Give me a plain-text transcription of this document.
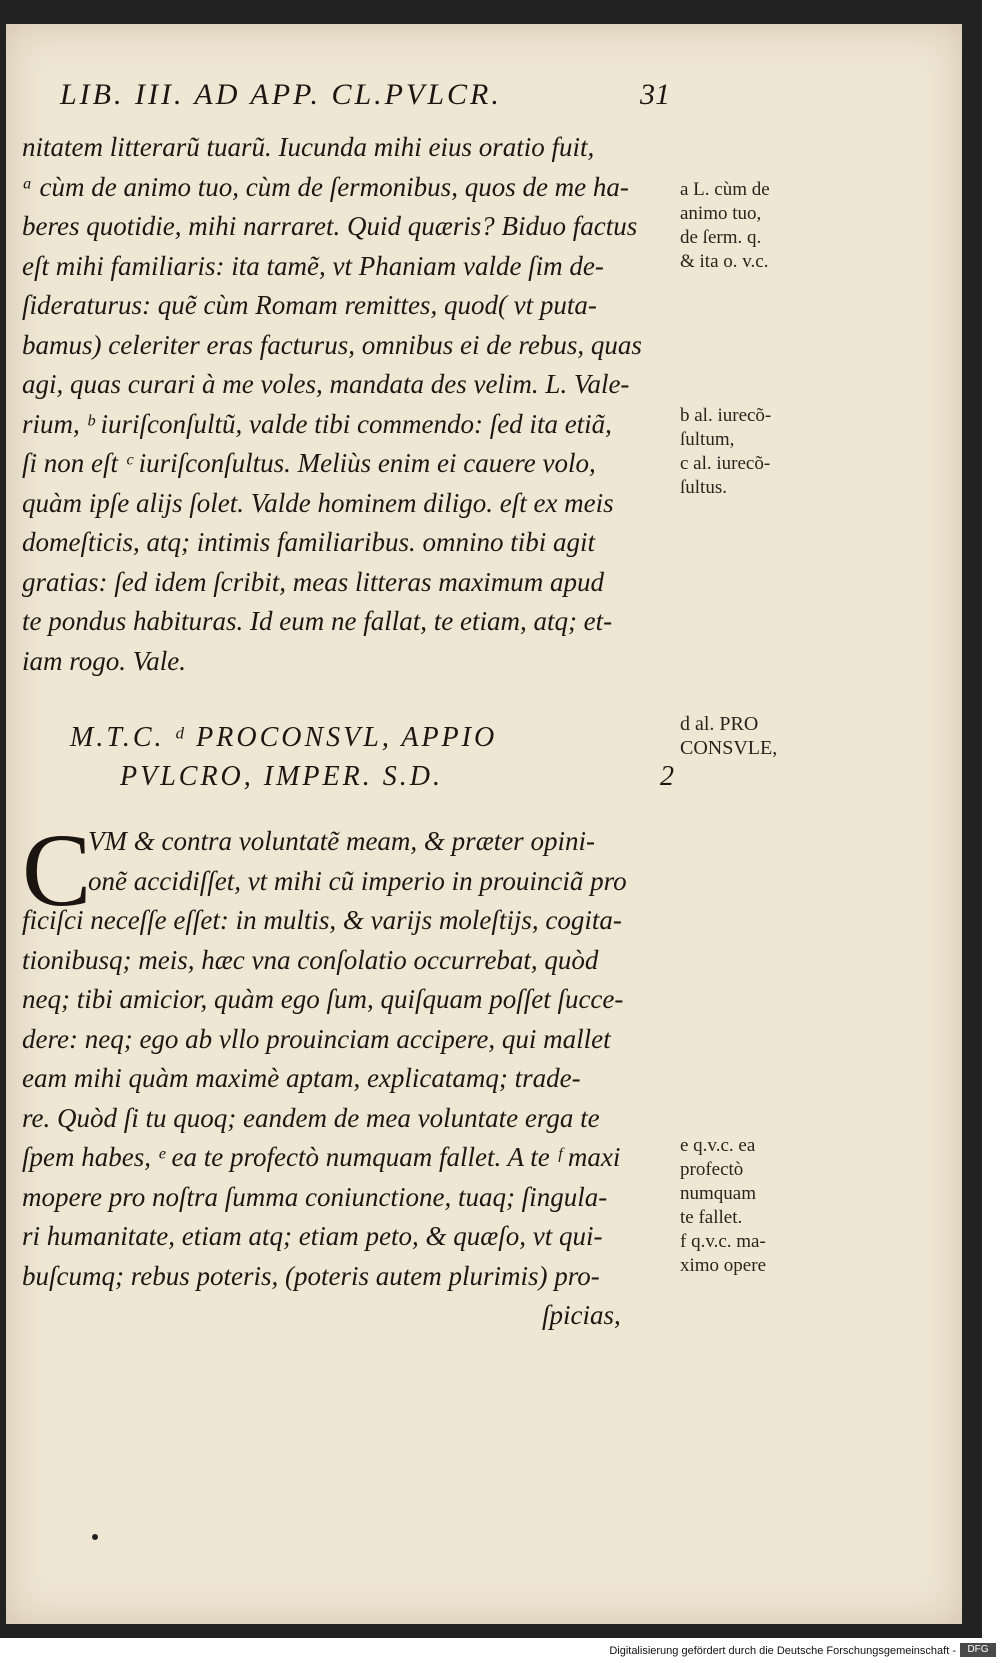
LIB. III. AD APP. CL.PVLCR.	31
nitatem litterarũ tuarũ. Iucunda mihi eius oratio fuit,
ᵃ cùm de animo tuo, cùm de ſermonibus, quos de me ha-
beres quotidie, mihi narraret. Quid quæris? Biduo factus
eſt mihi familiaris: ita tamẽ, vt Phaniam valde ſim de-
ſideraturus: quẽ cùm Romam remittes, quod( vt puta-
bamus) celeriter eras facturus, omnibus ei de rebus, quas
agi, quas curari à me voles, mandata des velim. L. Vale-
rium, ᵇ iuriſconſultũ, valde tibi commendo: ſed ita etiã,
ſi non eſt ᶜ iuriſconſultus. Meliùs enim ei cauere volo,
quàm ipſe alijs ſolet. Valde hominem diligo. eſt ex meis
domeſticis, atq; intimis familiaribus. omnino tibi agit
gratias: ſed idem ſcribit, meas litteras maximum apud
te pondus habituras. Id eum ne fallat, te etiam, atq; et-
iam rogo. Vale.
a L. cùm de
animo tuo,
de ſerm. q.
& ita o. v.c.
b al. iurecõ-
ſultum,
c al. iurecõ-
ſultus.
M.T.C. ᵈ PROCONSVL, APPIO
PVLCRO, IMPER. S.D.	2
d al. PRO
CONSVLE,
C
VM & contra voluntatẽ meam, & præter opini-
onẽ accidiſſet, vt mihi cũ imperio in prouinciã pro
ficiſci neceſſe eſſet: in multis, & varijs moleſtijs, cogita-
tionibusq; meis, hæc vna conſolatio occurrebat, quòd
neq; tibi amicior, quàm ego ſum, quiſquam poſſet ſucce-
dere: neq; ego ab vllo prouinciam accipere, qui mallet
eam mihi quàm maximè aptam, explicatamq; trade-
re. Quòd ſi tu quoq; eandem de mea voluntate erga te
ſpem habes, ᵉ ea te profectò numquam fallet. A te ᶠ maxi
mopere pro noſtra ſumma coniunctione, tuaq; ſingula-
ri humanitate, etiam atq; etiam peto, & quæſo, vt qui-
buſcumq; rebus poteris, (poteris autem plurimis) pro-
ſpicias,
e q.v.c. ea
profectò
numquam
te fallet.
f q.v.c. ma-
ximo opere
Digitalisierung gefördert durch die Deutsche Forschungsgemeinschaft -	DFG
